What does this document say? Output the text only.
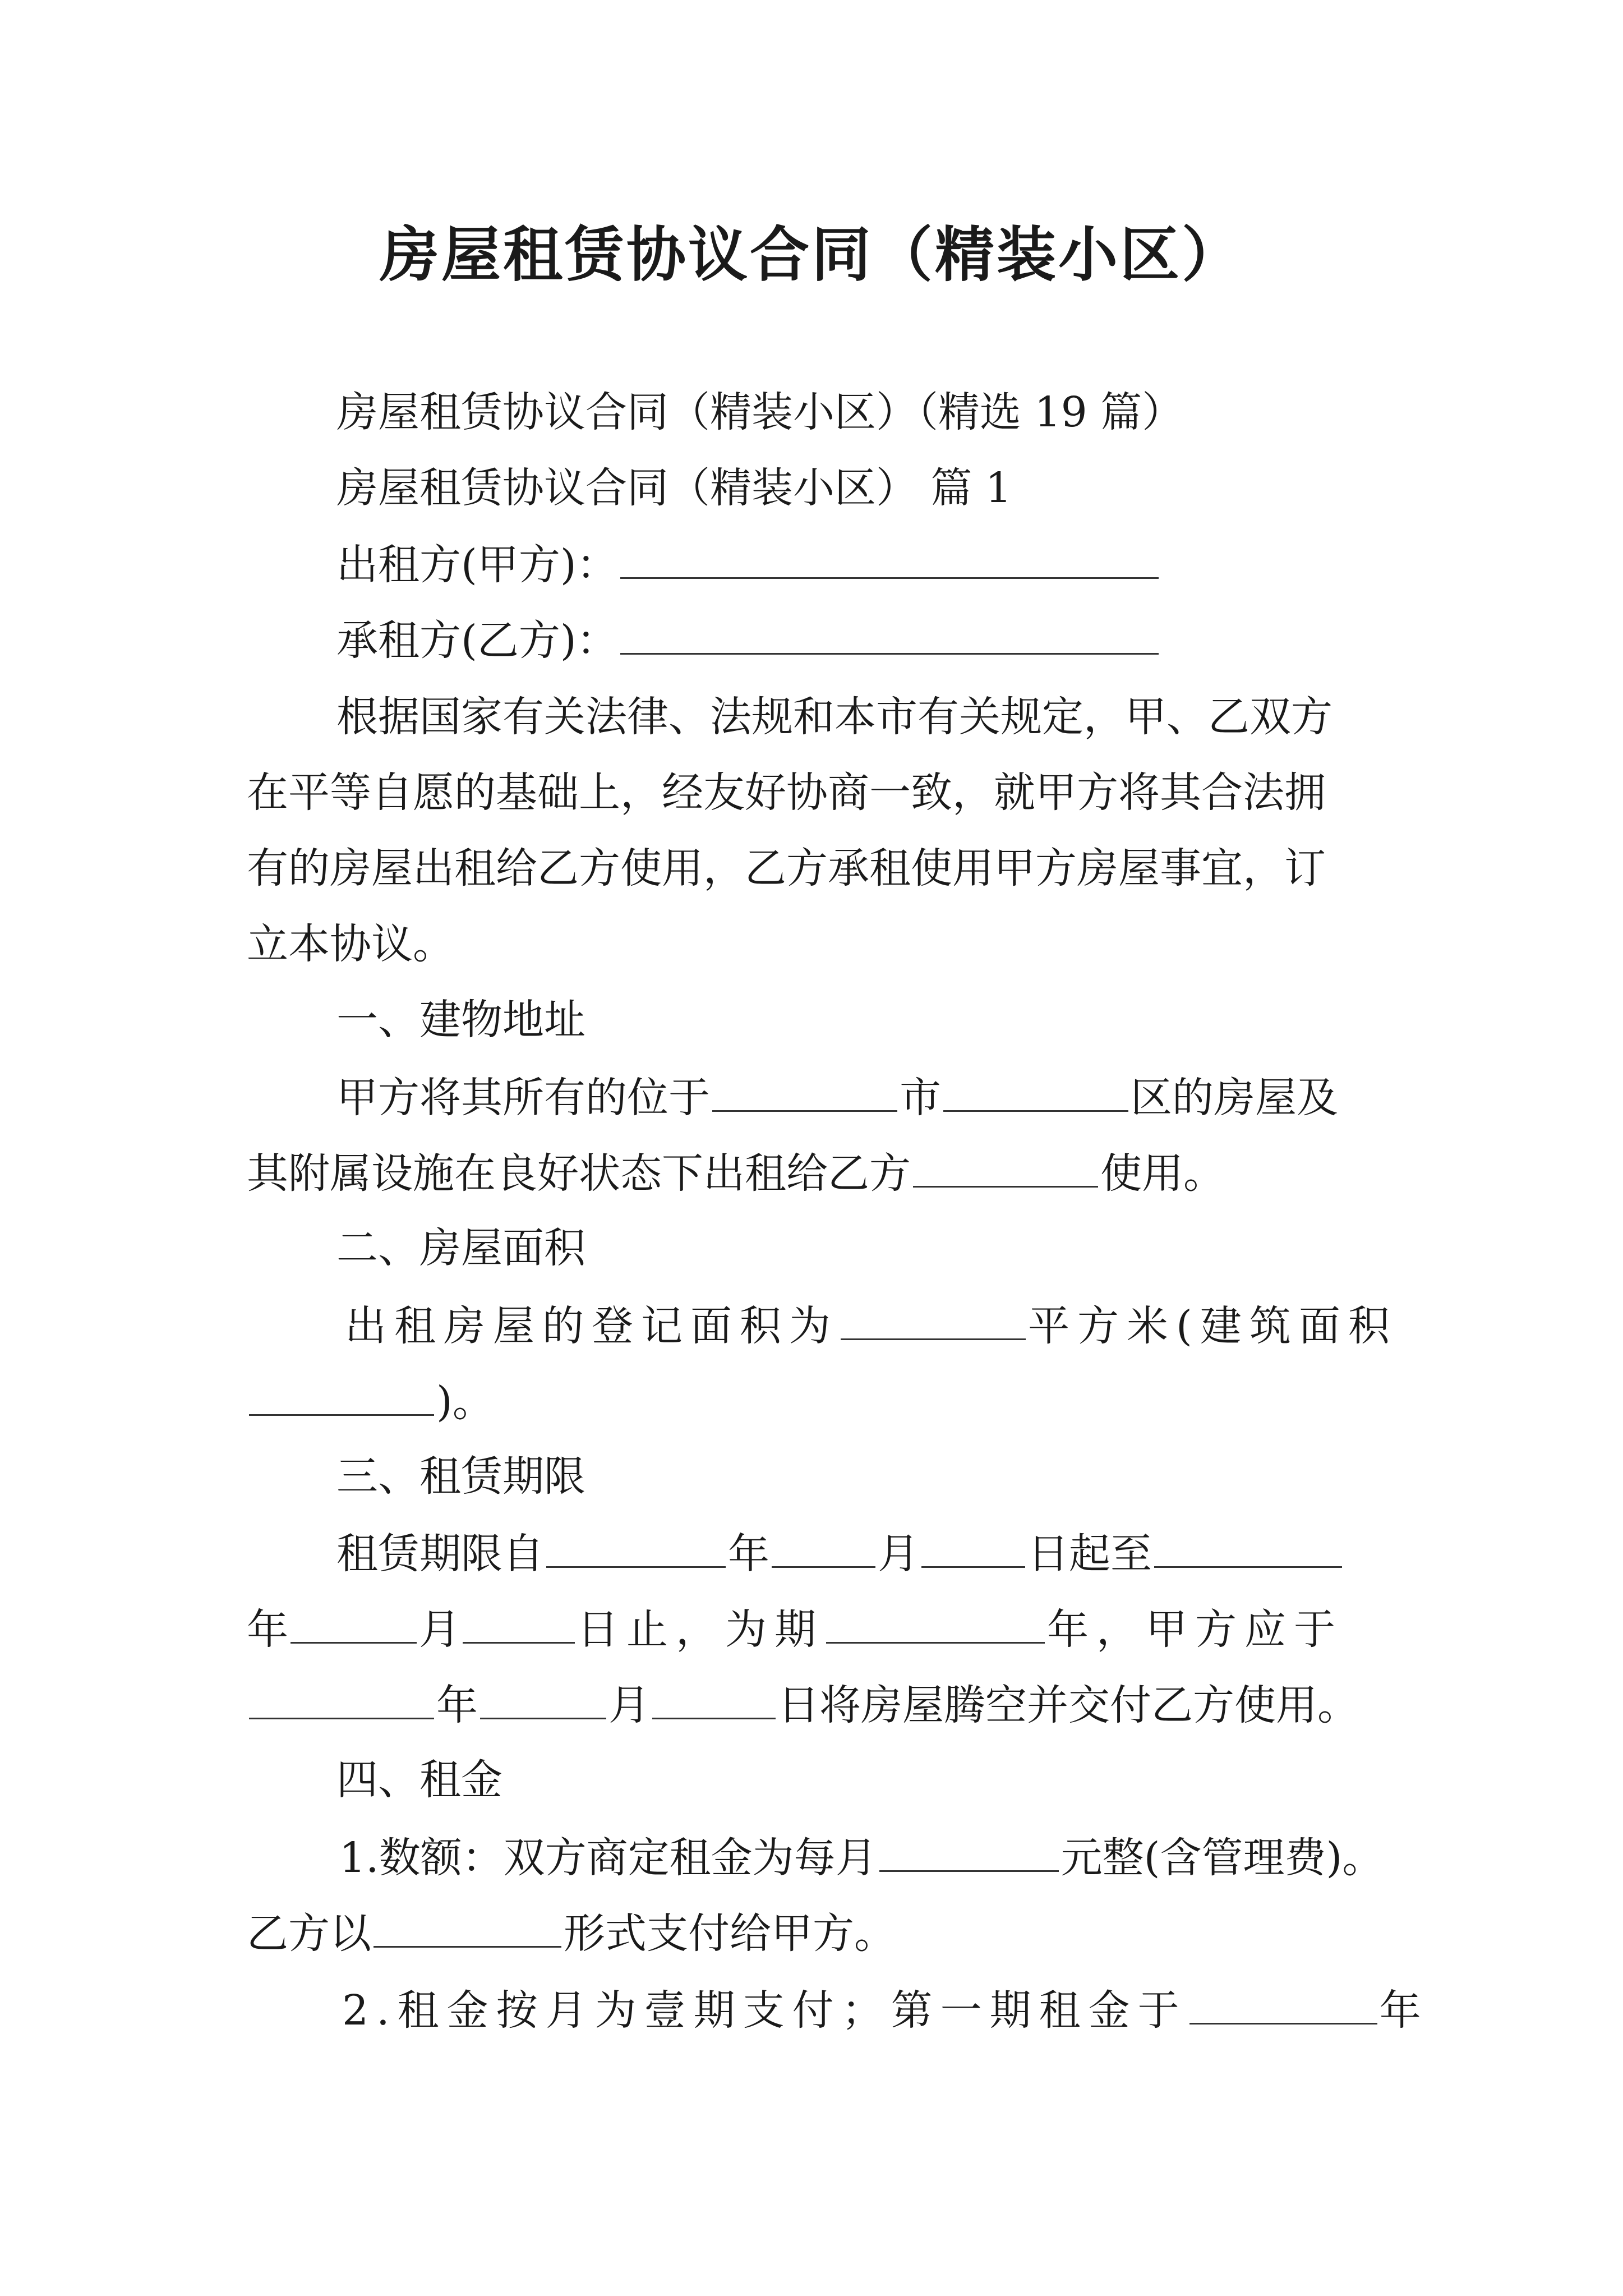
房屋租赁协议合同（精装小区）
房屋租赁协议合同（精装小区）（精选 19 篇）
房屋租赁协议合同（精装小区） 篇 1
出租方(甲方)：
承租方(乙方)：
根据国家有关法律、法规和本市有关规定，甲、乙双方
在平等自愿的基础上，经友好协商一致，就甲方将其合法拥
有的房屋出租给乙方使用，乙方承租使用甲方房屋事宜，订
立本协议。
一、建物地址
甲方将其所有的位于	市	区的房屋及
其附属设施在良好状态下出租给乙方	使用。
二、房屋面积
出租房屋的登记面积为	平方米(建筑面积
)。
三、租赁期限
租赁期限自	年	月	日起至
年	月	日止，为期	年，甲方应于
年	月	日将房屋腾空并交付乙方使用。
四、租金
1.数额：双方商定租金为每月	元整(含管理费)。
乙方以	形式支付给甲方。
2.租金按月为壹期支付；第一期租金于	年
